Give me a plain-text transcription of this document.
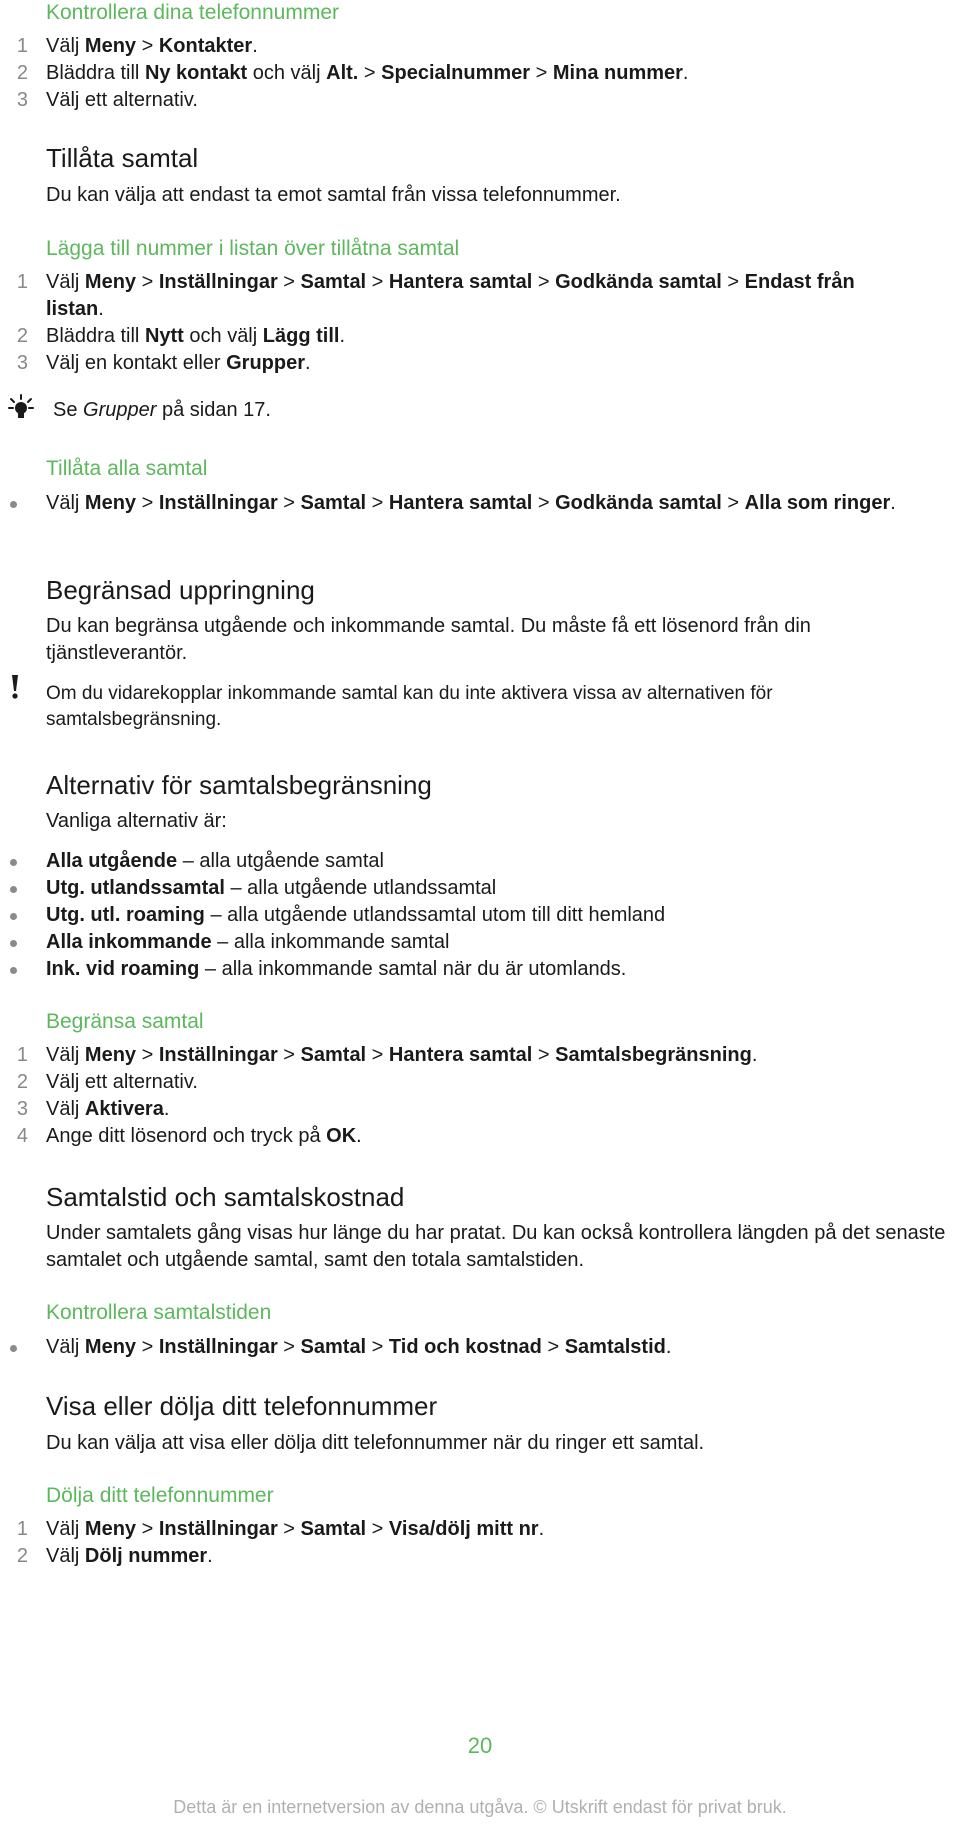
Kontrollera dina telefonnummer
1 Välj Meny > Kontakter.
2 Bläddra till Ny kontakt och välj Alt. > Specialnummer > Mina nummer.
3 Välj ett alternativ.
Tillåta samtal

Du kan välja att endast ta emot samtal från vissa telefonnummer.

Lägga till nummer i listan över tillåtna samtal
1 Välj Meny > Inställningar > Samtal > Hantera samtal > Godkända samtal > Endast från listan.
2 Bläddra till Nytt och välj Lägg till.
3 Välj en kontakt eller Grupper.

Se Grupper på sidan 17.

Tillåta alla samtal
Välj Meny > Inställningar > Samtal > Hantera samtal > Godkända samtal > Alla som ringer.
Begränsad uppringning

Du kan begränsa utgående och inkommande samtal. Du måste få ett lösenord från din tjänstleverantör.

Om du vidarekopplar inkommande samtal kan du inte aktivera vissa av alternativen för samtalsbegränsning.

Alternativ för samtalsbegränsning

Vanliga alternativ är:

Alla utgående – alla utgående samtal
Utg. utlandssamtal – alla utgående utlandssamtal
Utg. utl. roaming – alla utgående utlandssamtal utom till ditt hemland
Alla inkommande – alla inkommande samtal
Ink. vid roaming – alla inkommande samtal när du är utomlands.
Begränsa samtal
1 Välj Meny > Inställningar > Samtal > Hantera samtal > Samtalsbegränsning.
2 Välj ett alternativ.
3 Välj Aktivera.
4 Ange ditt lösenord och tryck på OK.
Samtalstid och samtalskostnad

Under samtalets gång visas hur länge du har pratat. Du kan också kontrollera längden på det senaste samtalet och utgående samtal, samt den totala samtalstiden.

Kontrollera samtalstiden
Välj Meny > Inställningar > Samtal > Tid och kostnad > Samtalstid.
Visa eller dölja ditt telefonnummer

Du kan välja att visa eller dölja ditt telefonnummer när du ringer ett samtal.

Dölja ditt telefonnummer
1 Välj Meny > Inställningar > Samtal > Visa/dölj mitt nr.
2 Välj Dölj nummer.
20
Detta är en internetversion av denna utgåva. © Utskrift endast för privat bruk.
